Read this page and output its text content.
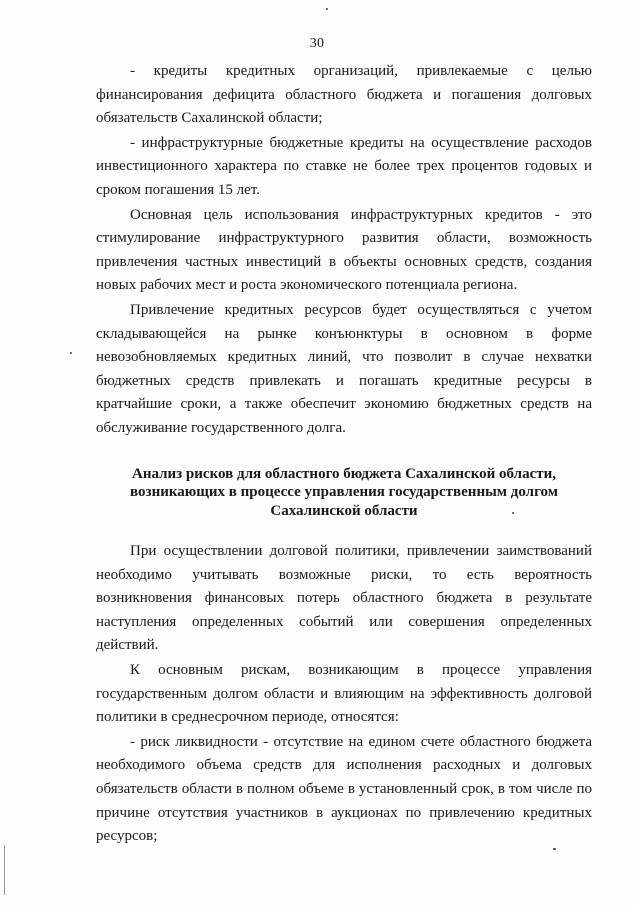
30

- кредиты кредитных организаций, привлекаемые с целью финансирования дефицита областного бюджета и погашения долговых обязательств Сахалинской области;

- инфраструктурные бюджетные кредиты на осуществление расходов инвестиционного характера по ставке не более трех процентов годовых и сроком погашения 15 лет.

Основная цель использования инфраструктурных кредитов - это стимулирование инфраструктурного развития области, возможность привлечения частных инвестиций в объекты основных средств, создания новых рабочих мест и роста экономического потенциала региона.

Привлечение кредитных ресурсов будет осуществляться с учетом складывающейся на рынке конъюнктуры в основном в форме невозобновляемых кредитных линий, что позволит в случае нехватки бюджетных средств привлекать и погашать кредитные ресурсы в кратчайшие сроки, а также обеспечит экономию бюджетных средств на обслуживание государственного долга.

Анализ рисков для областного бюджета Сахалинской области,
возникающих в процессе управления государственным долгом
Сахалинской области

При осуществлении долговой политики, привлечении заимствований необходимо учитывать возможные риски, то есть вероятность возникновения финансовых потерь областного бюджета в результате наступления определенных событий или совершения определенных действий.

К основным рискам, возникающим в процессе управления государственным долгом области и влияющим на эффективность долговой политики в среднесрочном периоде, относятся:

- риск ликвидности - отсутствие на едином счете областного бюджета необходимого объема средств для исполнения расходных и долговых обязательств области в полном объеме в установленный срок, в том числе по причине отсутствия участников в аукционах по привлечению кредитных ресурсов;
